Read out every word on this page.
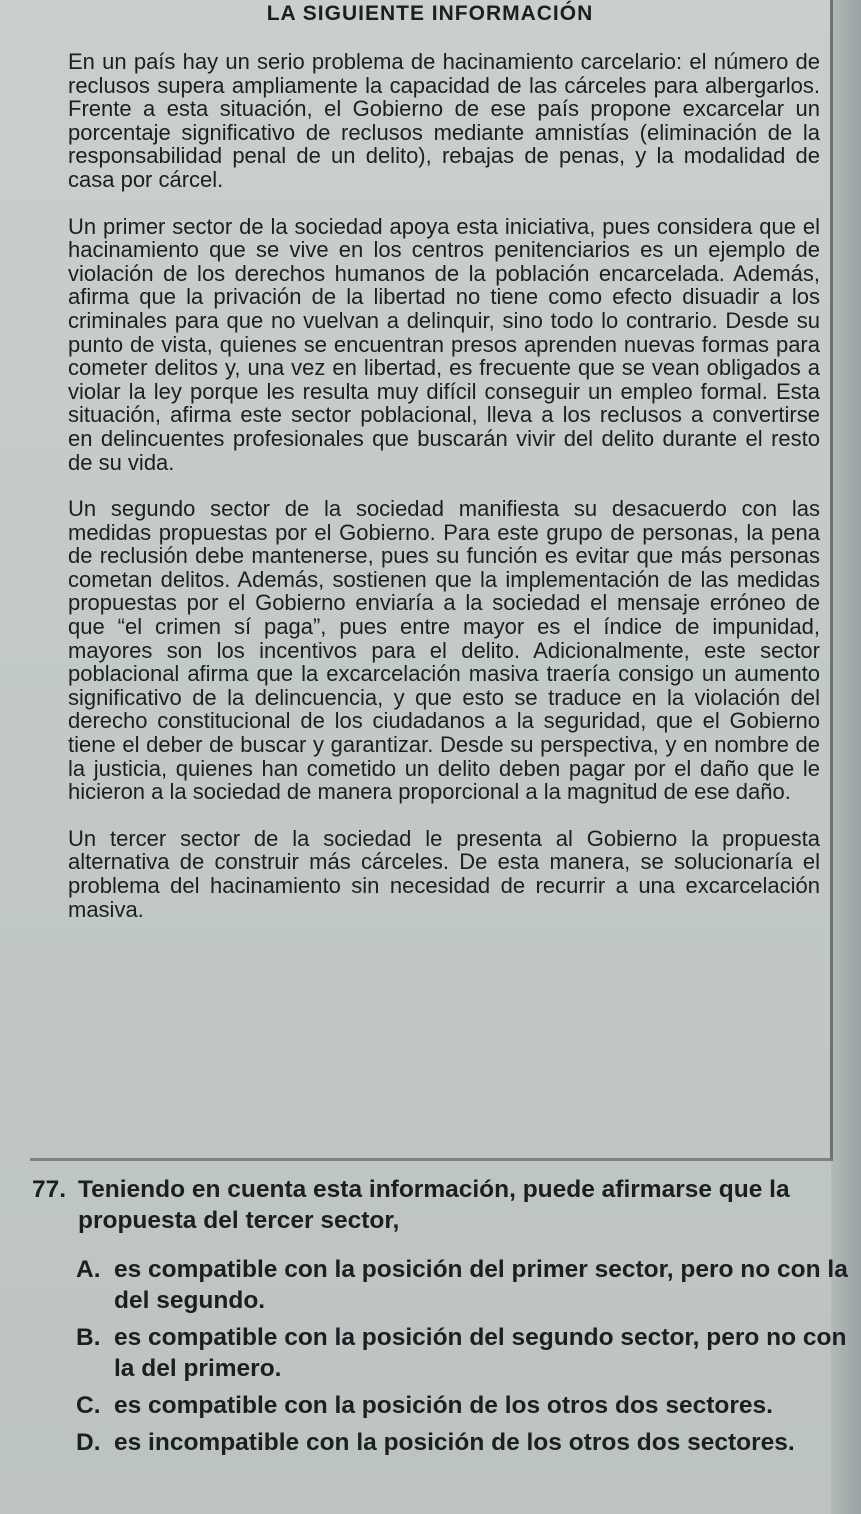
LA SIGUIENTE INFORMACIÓN

En un país hay un serio problema de hacinamiento carcelario: el número de reclusos supera ampliamente la capacidad de las cárceles para albergarlos. Frente a esta situación, el Gobierno de ese país propone excarcelar un porcentaje significativo de reclusos mediante amnistías (eliminación de la responsabilidad penal de un delito), rebajas de penas, y la modalidad de casa por cárcel.

Un primer sector de la sociedad apoya esta iniciativa, pues considera que el hacinamiento que se vive en los centros penitenciarios es un ejemplo de violación de los derechos humanos de la población encarcelada. Además, afirma que la privación de la libertad no tiene como efecto disuadir a los criminales para que no vuelvan a delinquir, sino todo lo contrario. Desde su punto de vista, quienes se encuentran presos aprenden nuevas formas para cometer delitos y, una vez en libertad, es frecuente que se vean obligados a violar la ley porque les resulta muy difícil conseguir un empleo formal. Esta situación, afirma este sector poblacional, lleva a los reclusos a convertirse en delincuentes profesionales que buscarán vivir del delito durante el resto de su vida.

Un segundo sector de la sociedad manifiesta su desacuerdo con las medidas propuestas por el Gobierno. Para este grupo de personas, la pena de reclusión debe mantenerse, pues su función es evitar que más personas cometan delitos. Además, sostienen que la implementación de las medidas propuestas por el Gobierno enviaría a la sociedad el mensaje erróneo de que “el crimen sí paga”, pues entre mayor es el índice de impunidad, mayores son los incentivos para el delito. Adicionalmente, este sector poblacional afirma que la excarcelación masiva traería consigo un aumento significativo de la delincuencia, y que esto se traduce en la violación del derecho constitucional de los ciudadanos a la seguridad, que el Gobierno tiene el deber de buscar y garantizar. Desde su perspectiva, y en nombre de la justicia, quienes han cometido un delito deben pagar por el daño que le hicieron a la sociedad de manera proporcional a la magnitud de ese daño.

Un tercer sector de la sociedad le presenta al Gobierno la propuesta alternativa de construir más cárceles. De esta manera, se solucionaría el problema del hacinamiento sin necesidad de recurrir a una excarcelación masiva.

77. Teniendo en cuenta esta información, puede afirmarse que la propuesta del tercer sector,
A. es compatible con la posición del primer sector, pero no con la del segundo.
B. es compatible con la posición del segundo sector, pero no con la del primero.
C. es compatible con la posición de los otros dos sectores.
D. es incompatible con la posición de los otros dos sectores.
